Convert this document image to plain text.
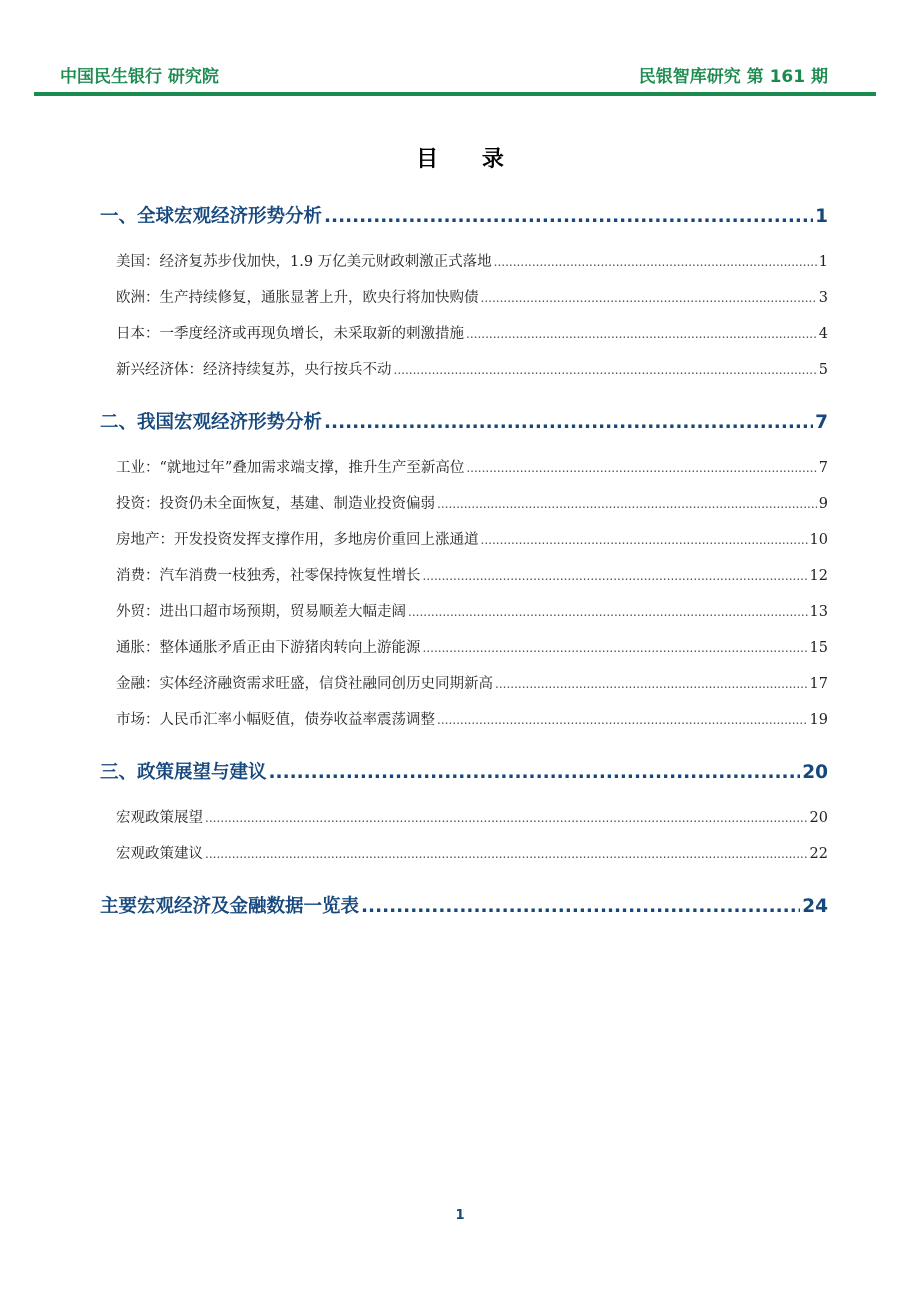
中国民生银行 研究院	民银智库研究 第 161 期
目 录
一、全球宏观经济形势分析 .....	1
美国：经济复苏步伐加快，1.9 万亿美元财政刺激正式落地 .....	1
欧洲：生产持续修复，通胀显著上升，欧央行将加快购债 .....	3
日本：一季度经济或再现负增长，未采取新的刺激措施 .....	4
新兴经济体：经济持续复苏，央行按兵不动 .....	5
二、我国宏观经济形势分析 .....	7
工业：“就地过年”叠加需求端支撑，推升生产至新高位 .....	7
投资：投资仍未全面恢复，基建、制造业投资偏弱 .....	9
房地产：开发投资发挥支撑作用，多地房价重回上涨通道 .....	10
消费：汽车消费一枝独秀，社零保持恢复性增长 .....	12
外贸：进出口超市场预期，贸易顺差大幅走阔 .....	13
通胀：整体通胀矛盾正由下游猪肉转向上游能源 .....	15
金融：实体经济融资需求旺盛，信贷社融同创历史同期新高 .....	17
市场：人民币汇率小幅贬值，债券收益率震荡调整 .....	19
三、政策展望与建议 .....	20
宏观政策展望 .....	20
宏观政策建议 .....	22
主要宏观经济及金融数据一览表 .....	24
1
